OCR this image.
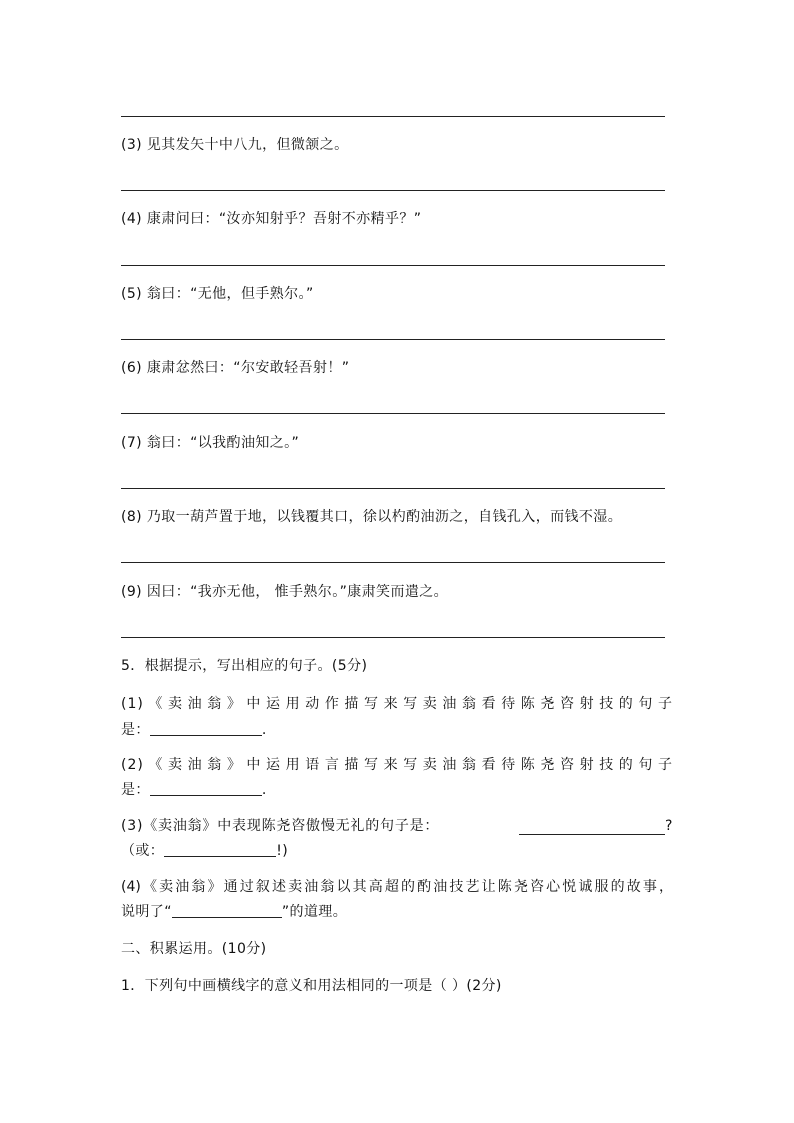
(3) 见其发矢十中八九，但微颔之。
(4) 康肃问曰：“汝亦知射乎？吾射不亦精乎？”
(5) 翁曰：“无他，但手熟尔。”
(6) 康肃忿然曰：“尔安敢轻吾射！”
(7) 翁曰：“以我酌油知之。”
(8) 乃取一葫芦置于地，以钱覆其口，徐以杓酌油沥之，自钱孔入，而钱不湿。
(9) 因曰：“我亦无他， 惟手熟尔。”康肃笑而遣之。
5．根据提示，写出相应的句子。(5分)
(1)《卖油翁》中运用动作描写来写卖油翁看待陈尧咨射技的句子
是：	.
(2)《卖油翁》中运用语言描写来写卖油翁看待陈尧咨射技的句子
是：	.
(3)《卖油翁》中表现陈尧咨傲慢无礼的句子是：	?
（或：	!)
(4)《卖油翁》通过叙述卖油翁以其高超的酌油技艺让陈尧咨心悦诚服的故事，
说明了“	”的道理。
二、积累运用。(10分)
1．下列句中画横线字的意义和用法相同的一项是（ ）(2分)
